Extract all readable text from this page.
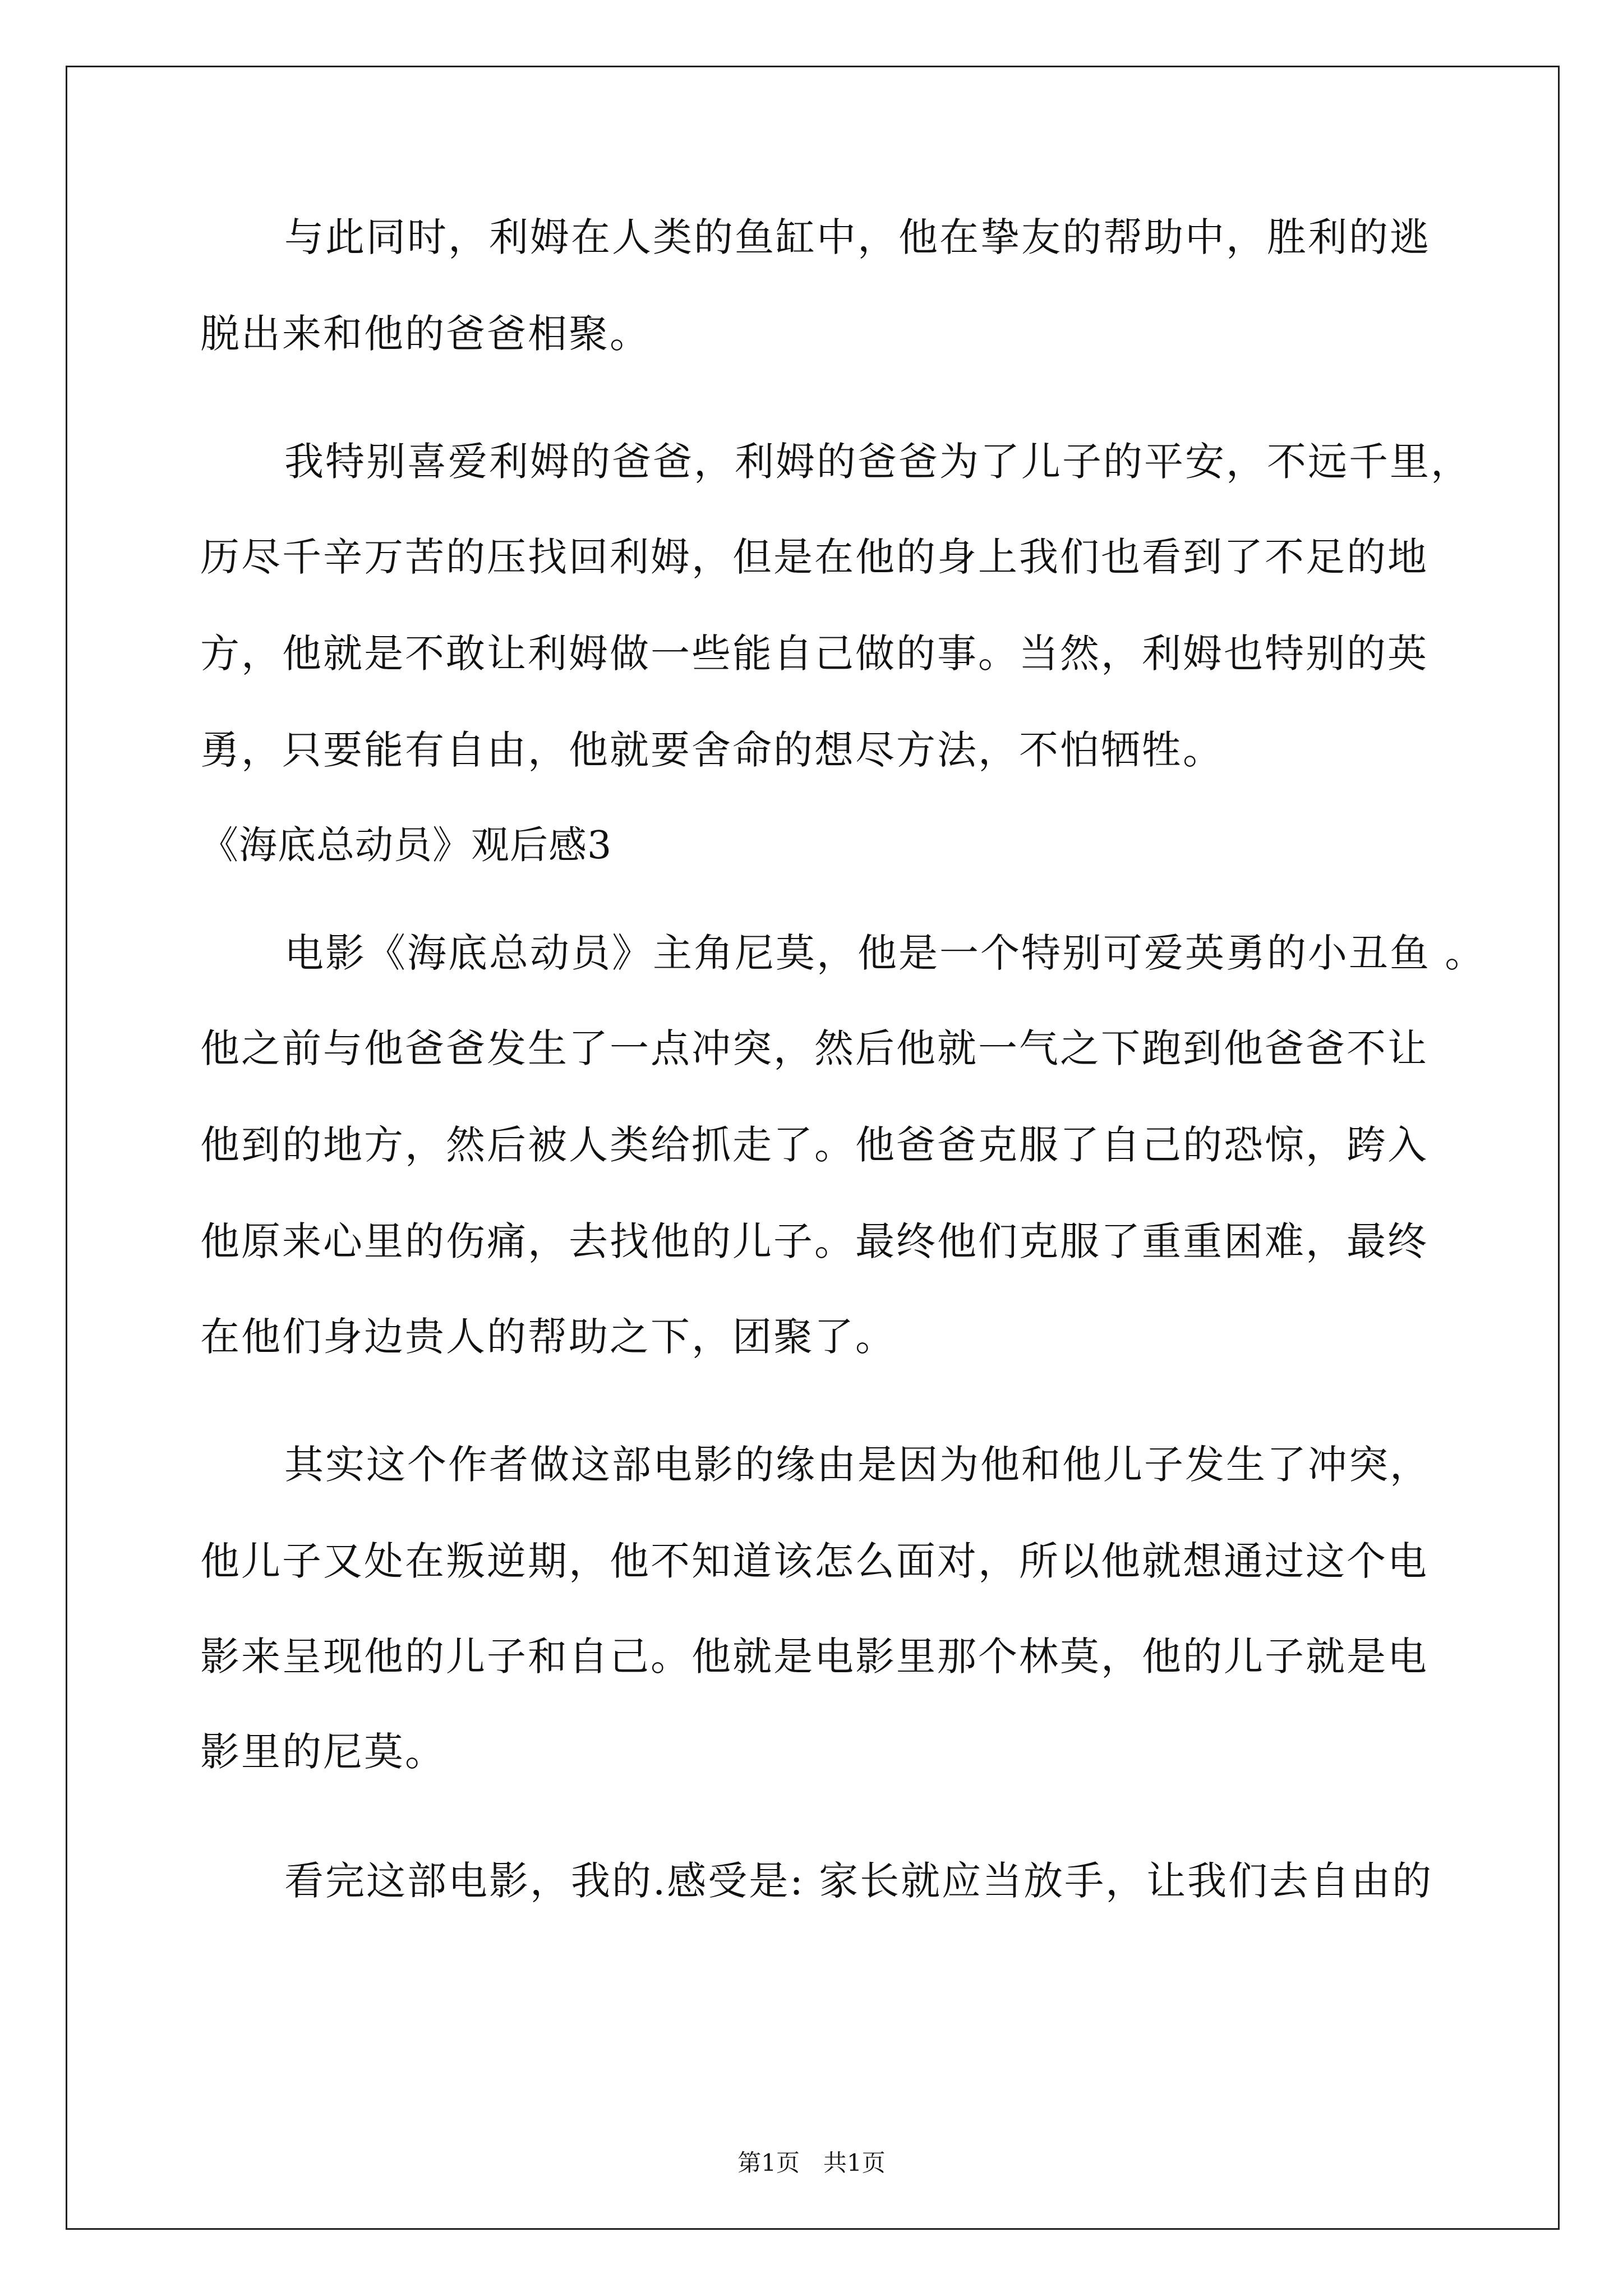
与此同时，利姆在人类的鱼缸中，他在挚友的帮助中，胜利的逃
脱出来和他的爸爸相聚。
我特别喜爱利姆的爸爸，利姆的爸爸为了儿子的平安，不远千里，
历尽千辛万苦的压找回利姆，但是在他的身上我们也看到了不足的地
方，他就是不敢让利姆做一些能自己做的事。当然，利姆也特别的英
勇，只要能有自由，他就要舍命的想尽方法，不怕牺牲。
《海底总动员》观后感3
电影《海底总动员》主角尼莫，他是一个特别可爱英勇的小丑鱼 。
他之前与他爸爸发生了一点冲突，然后他就一气之下跑到他爸爸不让
他到的地方，然后被人类给抓走了。他爸爸克服了自己的恐惊，跨入
他原来心里的伤痛，去找他的儿子。最终他们克服了重重困难，最终
在他们身边贵人的帮助之下，团聚了。
其实这个作者做这部电影的缘由是因为他和他儿子发生了冲突，
他儿子又处在叛逆期，他不知道该怎么面对，所以他就想通过这个电
影来呈现他的儿子和自己。他就是电影里那个林莫，他的儿子就是电
影里的尼莫。
看完这部电影，我的.感受是: 家长就应当放手，让我们去自由的
第1页　共1页
